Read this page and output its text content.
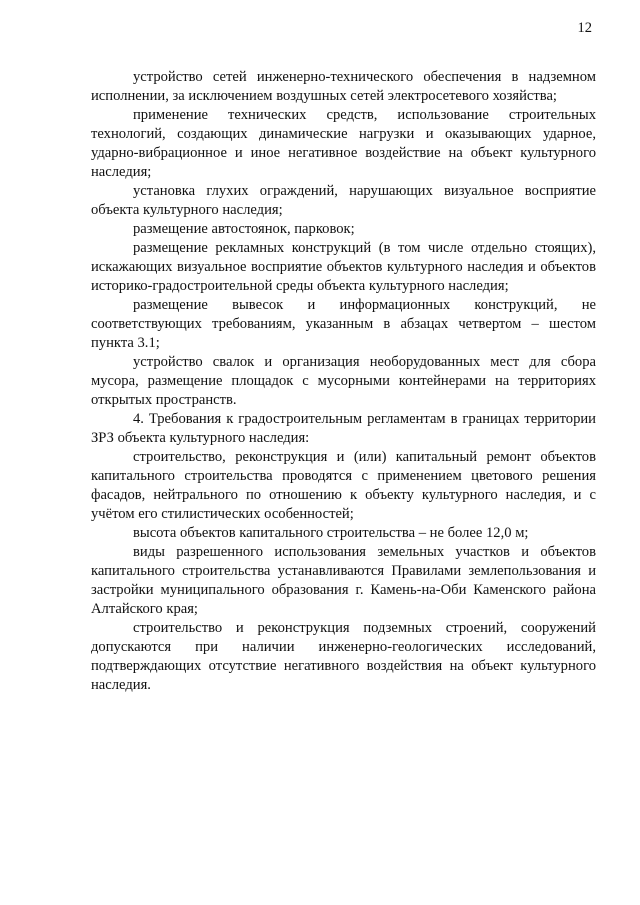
12

устройство сетей инженерно-технического обеспечения в надземном исполнении, за исключением воздушных сетей электросетевого хозяйства;

применение технических средств, использование строительных технологий, создающих динамические нагрузки и оказывающих ударное, ударно-вибрационное и иное негативное воздействие на объект культурного наследия;

установка глухих ограждений, нарушающих визуальное восприятие объекта культурного наследия;

размещение автостоянок, парковок;

размещение рекламных конструкций (в том числе отдельно стоящих), искажающих визуальное восприятие объектов культурного наследия и объектов историко-градостроительной среды объекта культурного наследия;

размещение вывесок и информационных конструкций, не соответствующих требованиям, указанным в абзацах четвертом – шестом пункта 3.1;

устройство свалок и организация необорудованных мест для сбора мусора, размещение площадок с мусорными контейнерами на территориях открытых пространств.

4. Требования к градостроительным регламентам в границах территории ЗРЗ объекта культурного наследия:

строительство, реконструкция и (или) капитальный ремонт объектов капитального строительства проводятся с применением цветового решения фасадов, нейтрального по отношению к объекту культурного наследия, и с учётом его стилистических особенностей;

высота объектов капитального строительства – не более 12,0 м;

виды разрешенного использования земельных участков и объектов капитального строительства устанавливаются Правилами землепользования и застройки муниципального образования г. Камень-на-Оби Каменского района Алтайского края;

строительство и реконструкция подземных строений, сооружений допускаются при наличии инженерно-геологических исследований, подтверждающих отсутствие негативного воздействия на объект культурного наследия.
